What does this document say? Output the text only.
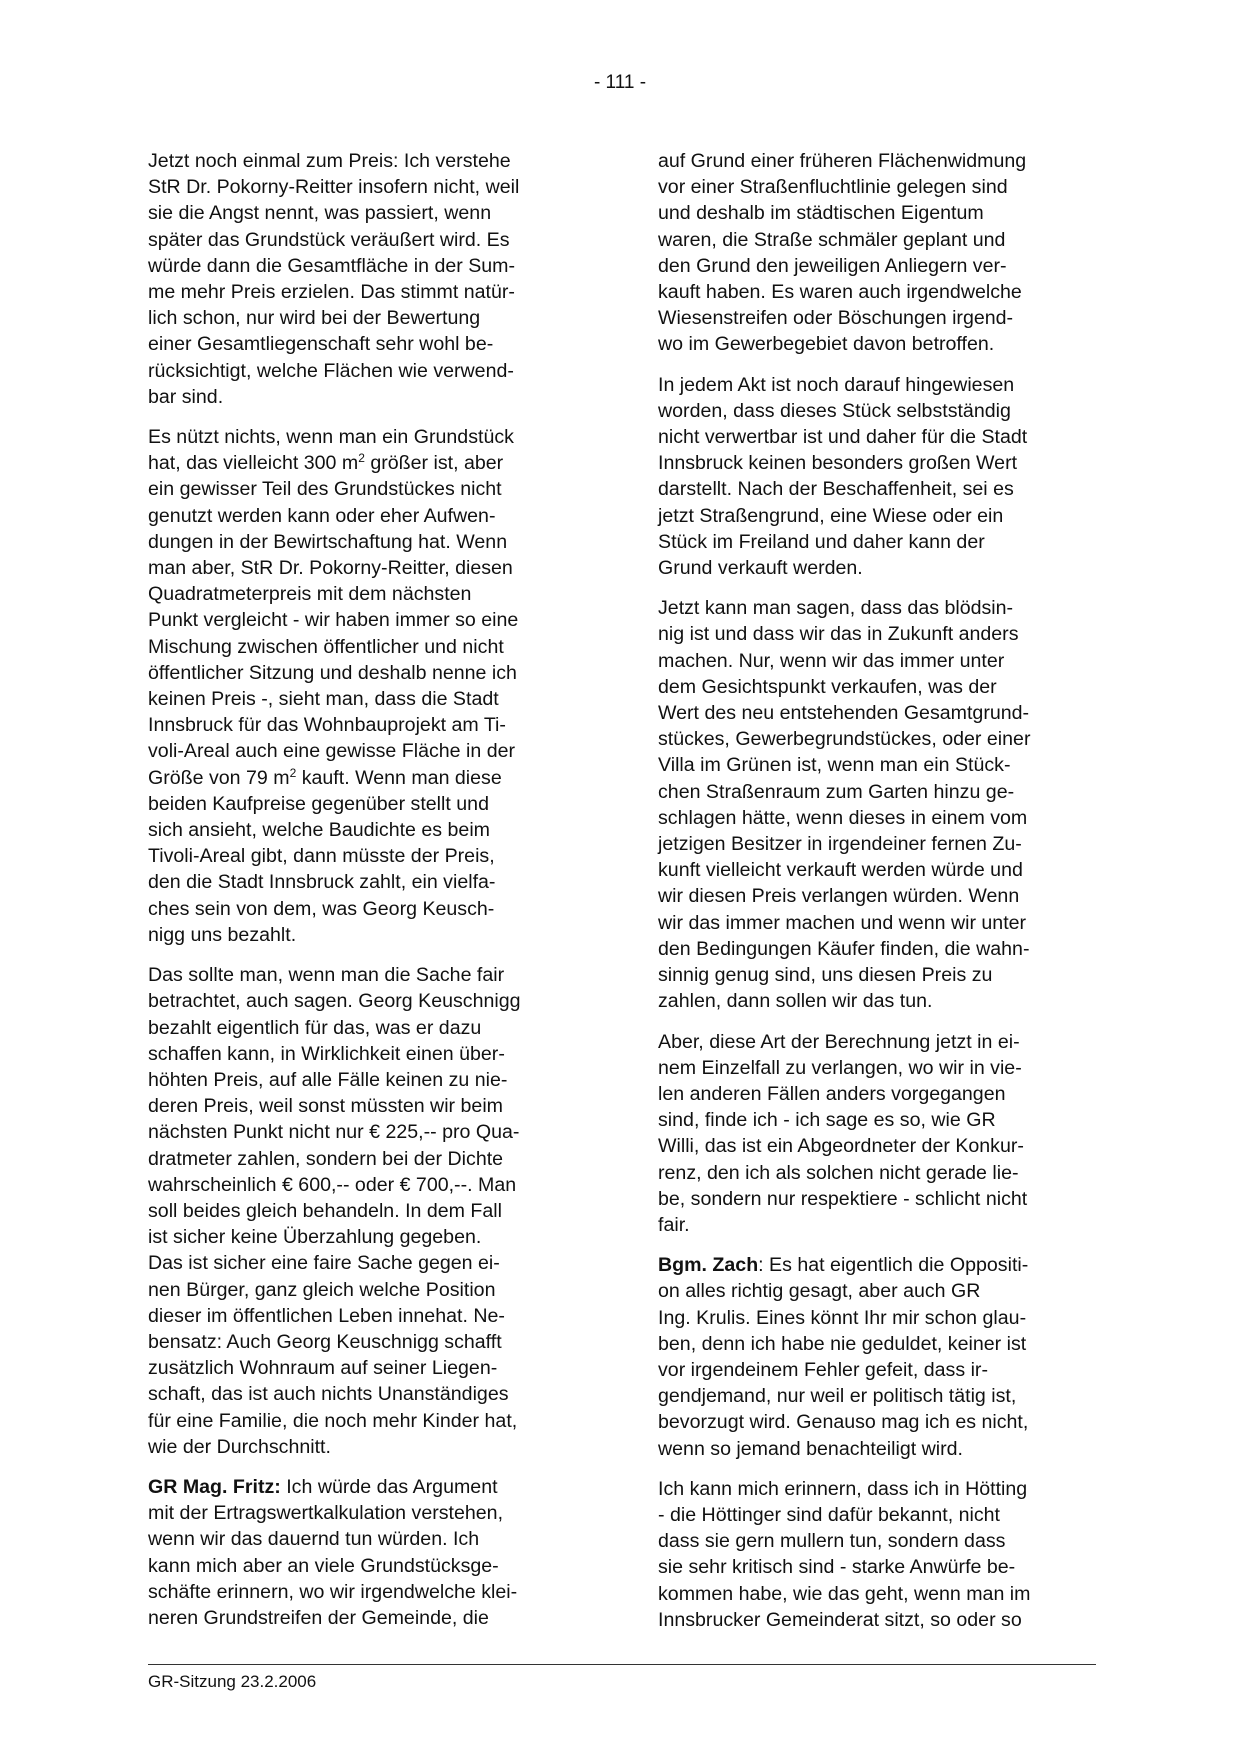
- 111 -

Jetzt noch einmal zum Preis: Ich verstehe
StR Dr. Pokorny-Reitter insofern nicht, weil
sie die Angst nennt, was passiert, wenn
später das Grundstück veräußert wird. Es
würde dann die Gesamtfläche in der Sum-
me mehr Preis erzielen. Das stimmt natür-
lich schon, nur wird bei der Bewertung
einer Gesamtliegenschaft sehr wohl be-
rücksichtigt, welche Flächen wie verwend-
bar sind.

Es nützt nichts, wenn man ein Grundstück
hat, das vielleicht 300 $m^2$ größer ist, aber
ein gewisser Teil des Grundstückes nicht
genutzt werden kann oder eher Aufwen-
dungen in der Bewirtschaftung hat. Wenn
man aber, StR Dr. Pokorny-Reitter, diesen
Quadratmeterpreis mit dem nächsten
Punkt vergleicht - wir haben immer so eine
Mischung zwischen öffentlicher und nicht
öffentlicher Sitzung und deshalb nenne ich
keinen Preis -, sieht man, dass die Stadt
Innsbruck für das Wohnbauprojekt am Ti-
voli-Areal auch eine gewisse Fläche in der
Größe von 79 $m^2$ kauft. Wenn man diese
beiden Kaufpreise gegenüber stellt und
sich ansieht, welche Baudichte es beim
Tivoli-Areal gibt, dann müsste der Preis,
den die Stadt Innsbruck zahlt, ein vielfa-
ches sein von dem, was Georg Keusch-
nigg uns bezahlt.

Das sollte man, wenn man die Sache fair
betrachtet, auch sagen. Georg Keuschnigg
bezahlt eigentlich für das, was er dazu
schaffen kann, in Wirklichkeit einen über-
höhten Preis, auf alle Fälle keinen zu nie-
deren Preis, weil sonst müssten wir beim
nächsten Punkt nicht nur € 225,-- pro Qua-
dratmeter zahlen, sondern bei der Dichte
wahrscheinlich € 600,-- oder € 700,--. Man
soll beides gleich behandeln. In dem Fall
ist sicher keine Überzahlung gegeben.
Das ist sicher eine faire Sache gegen ei-
nen Bürger, ganz gleich welche Position
dieser im öffentlichen Leben innehat. Ne-
bensatz: Auch Georg Keuschnigg schafft
zusätzlich Wohnraum auf seiner Liegen-
schaft, das ist auch nichts Unanständiges
für eine Familie, die noch mehr Kinder hat,
wie der Durchschnitt.

GR Mag. Fritz: Ich würde das Argument
mit der Ertragswertkalkulation verstehen,
wenn wir das dauernd tun würden. Ich
kann mich aber an viele Grundstücksge-
schäfte erinnern, wo wir irgendwelche klei-
neren Grundstreifen der Gemeinde, die

auf Grund einer früheren Flächenwidmung
vor einer Straßenfluchtlinie gelegen sind
und deshalb im städtischen Eigentum
waren, die Straße schmäler geplant und
den Grund den jeweiligen Anliegern ver-
kauft haben. Es waren auch irgendwelche
Wiesenstreifen oder Böschungen irgend-
wo im Gewerbegebiet davon betroffen.

In jedem Akt ist noch darauf hingewiesen
worden, dass dieses Stück selbstständig
nicht verwertbar ist und daher für die Stadt
Innsbruck keinen besonders großen Wert
darstellt. Nach der Beschaffenheit, sei es
jetzt Straßengrund, eine Wiese oder ein
Stück im Freiland und daher kann der
Grund verkauft werden.

Jetzt kann man sagen, dass das blödsin-
nig ist und dass wir das in Zukunft anders
machen. Nur, wenn wir das immer unter
dem Gesichtspunkt verkaufen, was der
Wert des neu entstehenden Gesamtgrund-
stückes, Gewerbegrundstückes, oder einer
Villa im Grünen ist, wenn man ein Stück-
chen Straßenraum zum Garten hinzu ge-
schlagen hätte, wenn dieses in einem vom
jetzigen Besitzer in irgendeiner fernen Zu-
kunft vielleicht verkauft werden würde und
wir diesen Preis verlangen würden. Wenn
wir das immer machen und wenn wir unter
den Bedingungen Käufer finden, die wahn-
sinnig genug sind, uns diesen Preis zu
zahlen, dann sollen wir das tun.

Aber, diese Art der Berechnung jetzt in ei-
nem Einzelfall zu verlangen, wo wir in vie-
len anderen Fällen anders vorgegangen
sind, finde ich - ich sage es so, wie GR
Willi, das ist ein Abgeordneter der Konkur-
renz, den ich als solchen nicht gerade lie-
be, sondern nur respektiere - schlicht nicht
fair.

Bgm. Zach: Es hat eigentlich die Oppositi-
on alles richtig gesagt, aber auch GR
Ing. Krulis. Eines könnt Ihr mir schon glau-
ben, denn ich habe nie geduldet, keiner ist
vor irgendeinem Fehler gefeit, dass ir-
gendjemand, nur weil er politisch tätig ist,
bevorzugt wird. Genauso mag ich es nicht,
wenn so jemand benachteiligt wird.

Ich kann mich erinnern, dass ich in Hötting
- die Höttinger sind dafür bekannt, nicht
dass sie gern mullern tun, sondern dass
sie sehr kritisch sind - starke Anwürfe be-
kommen habe, wie das geht, wenn man im
Innsbrucker Gemeinderat sitzt, so oder so

GR-Sitzung 23.2.2006
